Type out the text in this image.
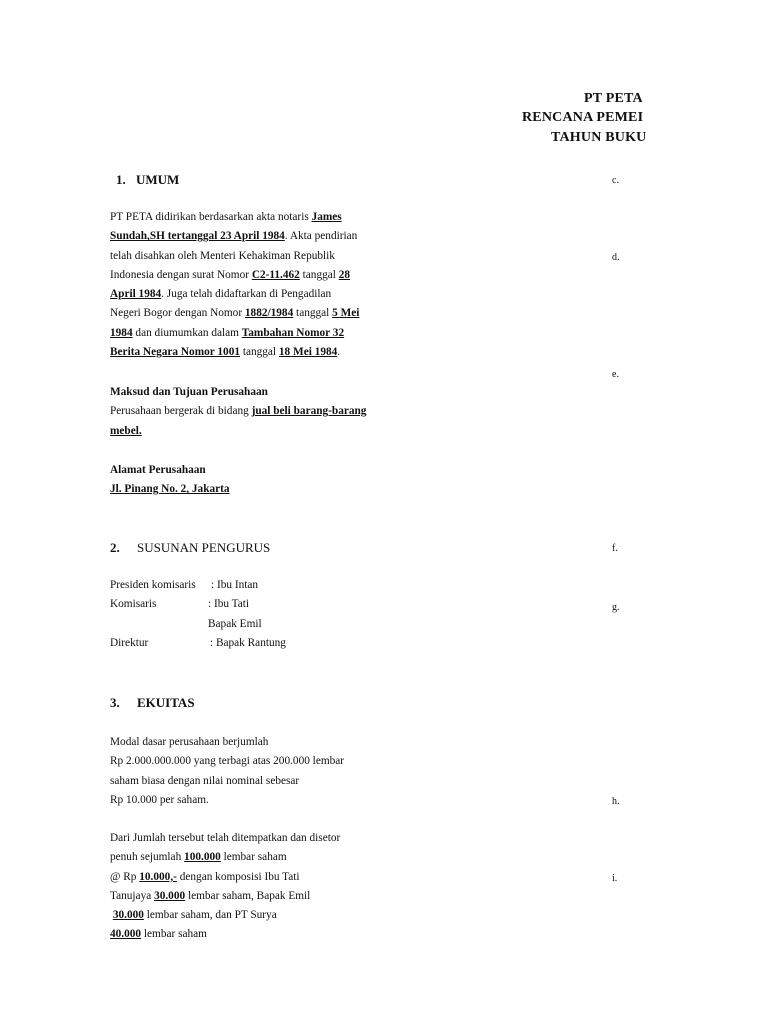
PT PETA
RENCANA PEMEI
TAHUN BUKU
1. UMUM
PT PETA didirikan berdasarkan akta notaris James
Sundah,SH tertanggal 23 April 1984. Akta pendirian
telah disahkan oleh Menteri Kehakiman Republik
Indonesia dengan surat Nomor C2-11.462 tanggal 28
April 1984. Juga telah didaftarkan di Pengadilan
Negeri Bogor dengan Nomor 1882/1984 tanggal 5 Mei
1984 dan diumumkan dalam Tambahan Nomor 32
Berita Negara Nomor 1001 tanggal 18 Mei 1984.
Maksud dan Tujuan Perusahaan
Perusahaan bergerak di bidang jual beli barang-barang
mebel.
Alamat Perusahaan
Jl. Pinang No. 2, Jakarta
2. SUSUNAN PENGURUS
Presiden komisaris : Ibu Intan
Komisaris	: Ibu Tati
Bapak Emil
Direktur	: Bapak Rantung
3. EKUITAS
Modal dasar perusahaan berjumlah
Rp 2.000.000.000 yang terbagi atas 200.000 lembar
saham biasa dengan nilai nominal sebesar
Rp 10.000 per saham.
Dari Jumlah tersebut telah ditempatkan dan disetor
penuh sejumlah 100.000 lembar saham
@ Rp 10.000,- dengan komposisi Ibu Tati
Tanujaya 30.000 lembar saham, Bapak Emil
30.000 lembar saham, dan PT Surya
40.000 lembar saham
c.
d.
e.
f.
g.
h.
i.
